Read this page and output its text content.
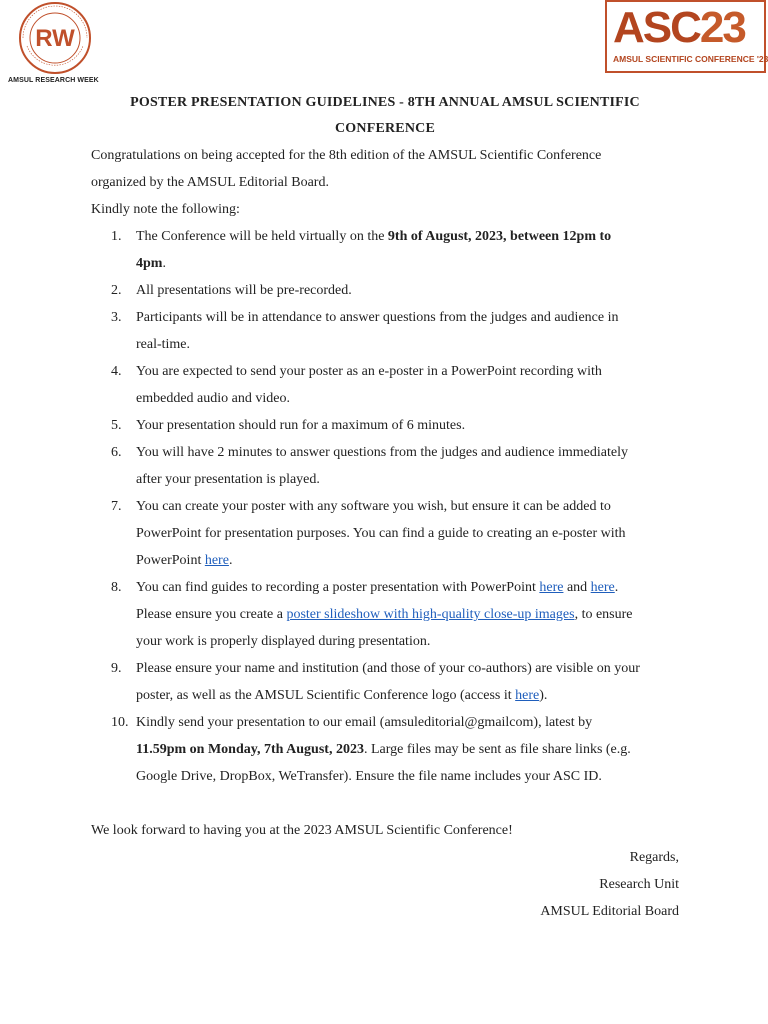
RW
AMSUL RESEARCH WEEK
ASC23
AMSUL SCIENTIFIC CONFERENCE '23
POSTER PRESENTATION GUIDELINES - 8TH ANNUAL AMSUL SCIENTIFIC
CONFERENCE

Congratulations on being accepted for the 8th edition of the AMSUL Scientific Conference

organized by the AMSUL Editorial Board.

Kindly note the following:

1. The Conference will be held virtually on the 9th of August, 2023, between 12pm to
4pm.
2. All presentations will be pre-recorded.
3. Participants will be in attendance to answer questions from the judges and audience in
real-time.
4. You are expected to send your poster as an e-poster in a PowerPoint recording with
embedded audio and video.
5. Your presentation should run for a maximum of 6 minutes.
6. You will have 2 minutes to answer questions from the judges and audience immediately
after your presentation is played.
7. You can create your poster with any software you wish, but ensure it can be added to
PowerPoint for presentation purposes. You can find a guide to creating an e-poster with
PowerPoint here.
8. You can find guides to recording a poster presentation with PowerPoint here and here.
Please ensure you create a poster slideshow with high-quality close-up images, to ensure
your work is properly displayed during presentation.
9. Please ensure your name and institution (and those of your co-authors) are visible on your
poster, as well as the AMSUL Scientific Conference logo (access it here).
10. Kindly send your presentation to our email (amsuleditorial@gmailcom), latest by
11.59pm on Monday, 7th August, 2023. Large files may be sent as file share links (e.g.
Google Drive, DropBox, WeTransfer). Ensure the file name includes your ASC ID.

We look forward to having you at the 2023 AMSUL Scientific Conference!

Regards,

Research Unit

AMSUL Editorial Board
